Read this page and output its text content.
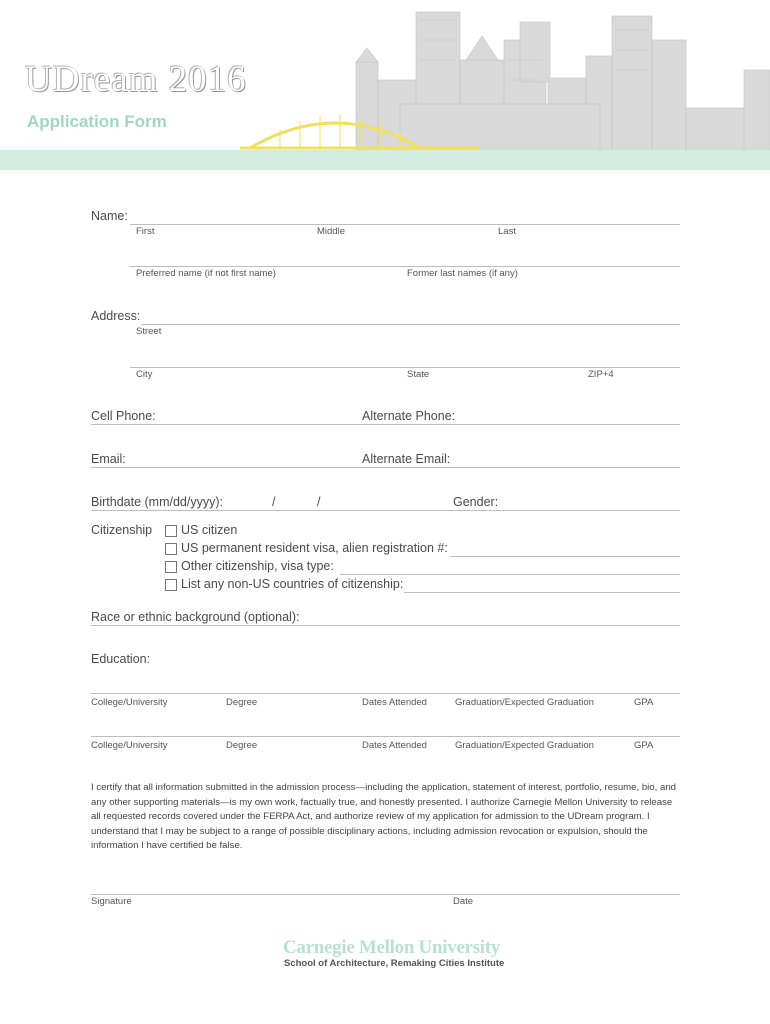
UDream 2016
Application Form
Name:
First	Middle	Last
Preferred name (if not first name)	Former last names (if any)
Address:
Street
City	State	ZIP+4
Cell Phone:	Alternate Phone:
Email:	Alternate Email:
Birthdate (mm/dd/yyyy):	/	/	Gender:
Citizenship US citizen
US permanent resident visa, alien registration #:
Other citizenship, visa type:
List any non-US countries of citizenship:
Race or ethnic background (optional):
Education:
College/University	Degree	Dates Attended	Graduation/Expected Graduation	GPA
College/University	Degree	Dates Attended	Graduation/Expected Graduation	GPA
I certify that all information submitted in the admission process—including the application, statement of interest, portfolio, resume, bio, and any other supporting materials—is my own work, factually true, and honestly presented. I authorize Carnegie Mellon University to release all requested records covered under the FERPA Act, and authorize review of my application for admission to the UDream program. I understand that I may be subject to a range of possible disciplinary actions, including admission revocation or expulsion, should the information I have certified be false.
Signature	Date
Carnegie Mellon University
School of Architecture, Remaking Cities Institute
